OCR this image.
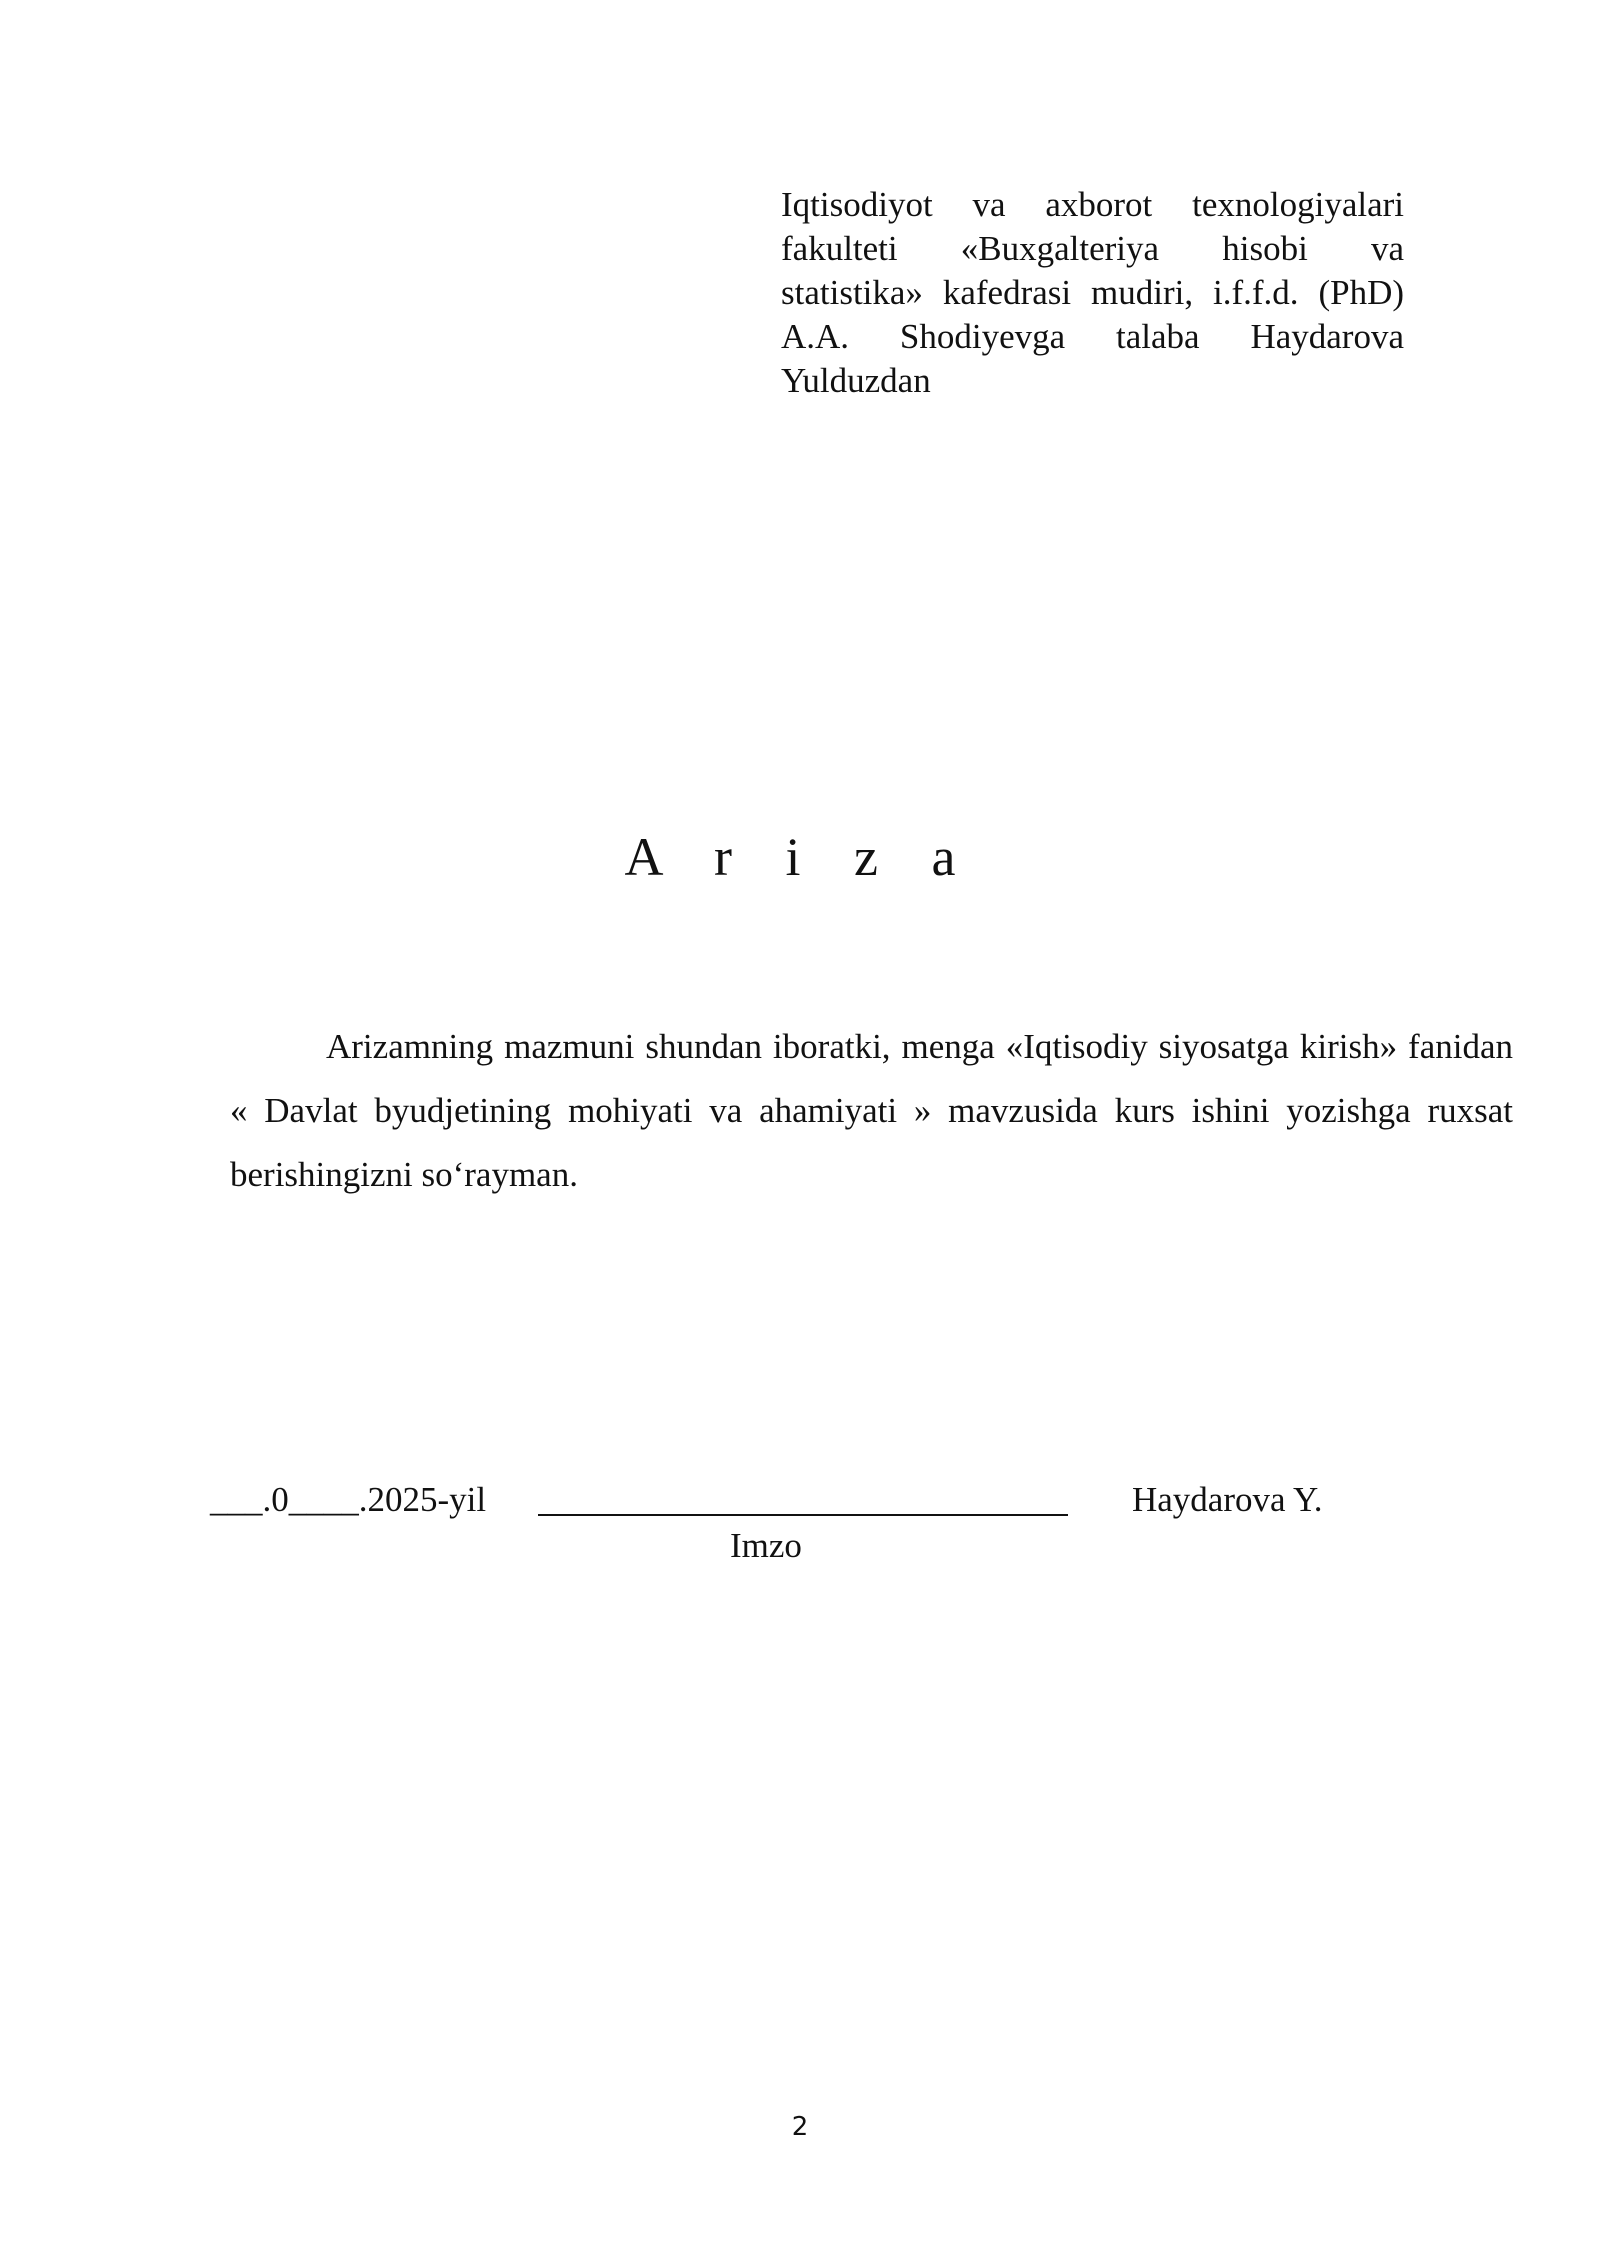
Iqtisodiyot va axborot texnologiyalari
fakulteti «Buxgalteriya hisobi va
statistika» kafedrasi mudiri, i.f.f.d. (PhD)
A.A. Shodiyevga talaba Haydarova
Yulduzdan
A r i z a
Arizamning mazmuni shundan iboratki, menga «Iqtisodiy siyosatga kirish» fanidan « Davlat byudjetining mohiyati va ahamiyati » mavzusida kurs ishini yozishga ruxsat berishingizni so‘rayman.
___.0____.2025-yil	Haydarova Y.
Imzo
2
